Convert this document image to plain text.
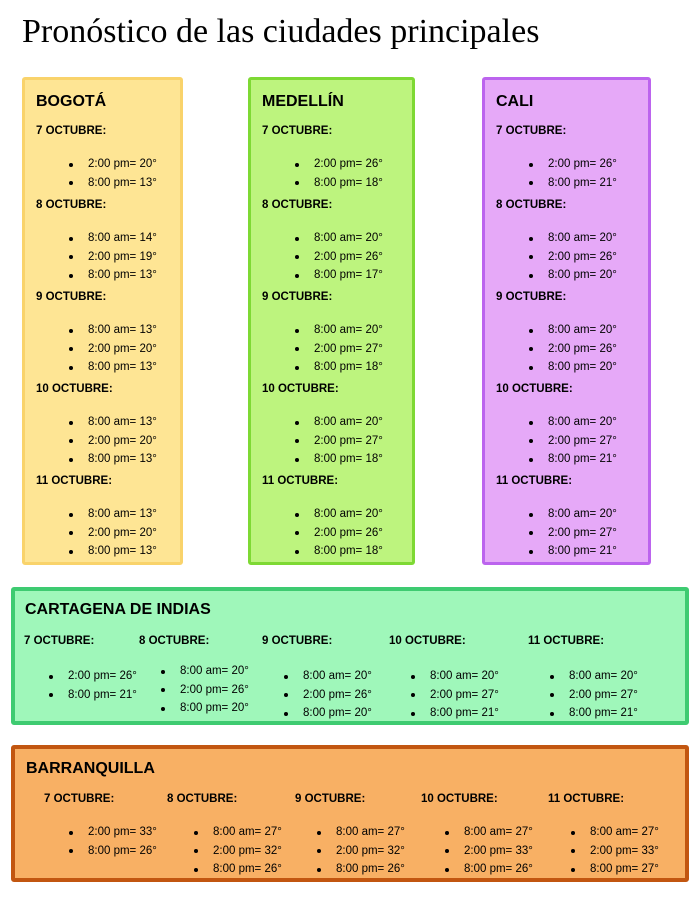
Pronóstico de las ciudades principales
BOGOTÁ
7 OCTUBRE:
2:00 pm= 20°
8:00 pm= 13°
8 OCTUBRE:
8:00 am= 14°
2:00 pm= 19°
8:00 pm= 13°
9 OCTUBRE:
8:00 am= 13°
2:00 pm= 20°
8:00 pm= 13°
10 OCTUBRE:
8:00 am= 13°
2:00 pm= 20°
8:00 pm= 13°
11 OCTUBRE:
8:00 am= 13°
2:00 pm= 20°
8:00 pm= 13°
MEDELLÍN
7 OCTUBRE:
2:00 pm= 26°
8:00 pm= 18°
8 OCTUBRE:
8:00 am= 20°
2:00 pm= 26°
8:00 pm= 17°
9 OCTUBRE:
8:00 am= 20°
2:00 pm= 27°
8:00 pm= 18°
10 OCTUBRE:
8:00 am= 20°
2:00 pm= 27°
8:00 pm= 18°
11 OCTUBRE:
8:00 am= 20°
2:00 pm= 26°
8:00 pm= 18°
CALI
7 OCTUBRE:
2:00 pm= 26°
8:00 pm= 21°
8 OCTUBRE:
8:00 am= 20°
2:00 pm= 26°
8:00 pm= 20°
9 OCTUBRE:
8:00 am= 20°
2:00 pm= 26°
8:00 pm= 20°
10 OCTUBRE:
8:00 am= 20°
2:00 pm= 27°
8:00 pm= 21°
11 OCTUBRE:
8:00 am= 20°
2:00 pm= 27°
8:00 pm= 21°
CARTAGENA DE INDIAS
7 OCTUBRE:
2:00 pm= 26°
8:00 pm= 21°
8 OCTUBRE:
8:00 am= 20°
2:00 pm= 26°
8:00 pm= 20°
9 OCTUBRE:
8:00 am= 20°
2:00 pm= 26°
8:00 pm= 20°
10 OCTUBRE:
8:00 am= 20°
2:00 pm= 27°
8:00 pm= 21°
11 OCTUBRE:
8:00 am= 20°
2:00 pm= 27°
8:00 pm= 21°
BARRANQUILLA
7 OCTUBRE:
2:00 pm= 33°
8:00 pm= 26°
8 OCTUBRE:
8:00 am= 27°
2:00 pm= 32°
8:00 pm= 26°
9 OCTUBRE:
8:00 am= 27°
2:00 pm= 32°
8:00 pm= 26°
10 OCTUBRE:
8:00 am= 27°
2:00 pm= 33°
8:00 pm= 26°
11 OCTUBRE:
8:00 am= 27°
2:00 pm= 33°
8:00 pm= 27°
